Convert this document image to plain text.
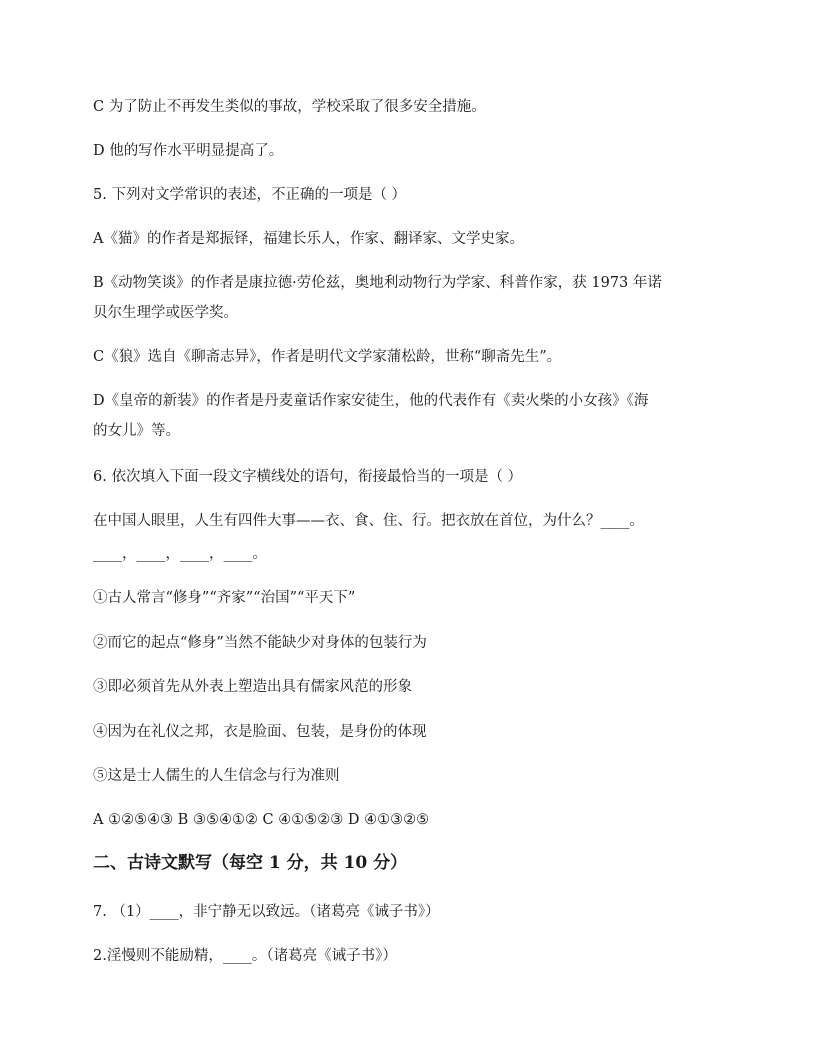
C 为了防止不再发生类似的事故，学校采取了很多安全措施。
D 他的写作水平明显提高了。
5. 下列对文学常识的表述，不正确的一项是（ ）
A《猫》的作者是郑振铎，福建长乐人，作家、翻译家、文学史家。
B《动物笑谈》的作者是康拉德·劳伦兹，奥地利动物行为学家、科普作家，获 1973 年诺
贝尔生理学或医学奖。
C《狼》选自《聊斋志异》，作者是明代文学家蒲松龄，世称“聊斋先生”。
D《皇帝的新装》的作者是丹麦童话作家安徒生，他的代表作有《卖火柴的小女孩》《海
的女儿》等。
6. 依次填入下面一段文字横线处的语句，衔接最恰当的一项是（ ）
在中国人眼里，人生有四件大事——衣、食、住、行。把衣放在首位，为什么？____。
____，____，____，____。
①古人常言“修身”“齐家”“治国”“平天下”
②而它的起点“修身”当然不能缺少对身体的包装行为
③即必须首先从外表上塑造出具有儒家风范的形象
④因为在礼仪之邦，衣是脸面、包装，是身份的体现
⑤这是士人儒生的人生信念与行为准则
A ①②⑤④③ B ③⑤④①② C ④①⑤②③ D ④①③②⑤
二、古诗文默写（每空 1 分，共 10 分）
7. （1）____，非宁静无以致远。（诸葛亮《诫子书》）
2.淫慢则不能励精，____。（诸葛亮《诫子书》）
